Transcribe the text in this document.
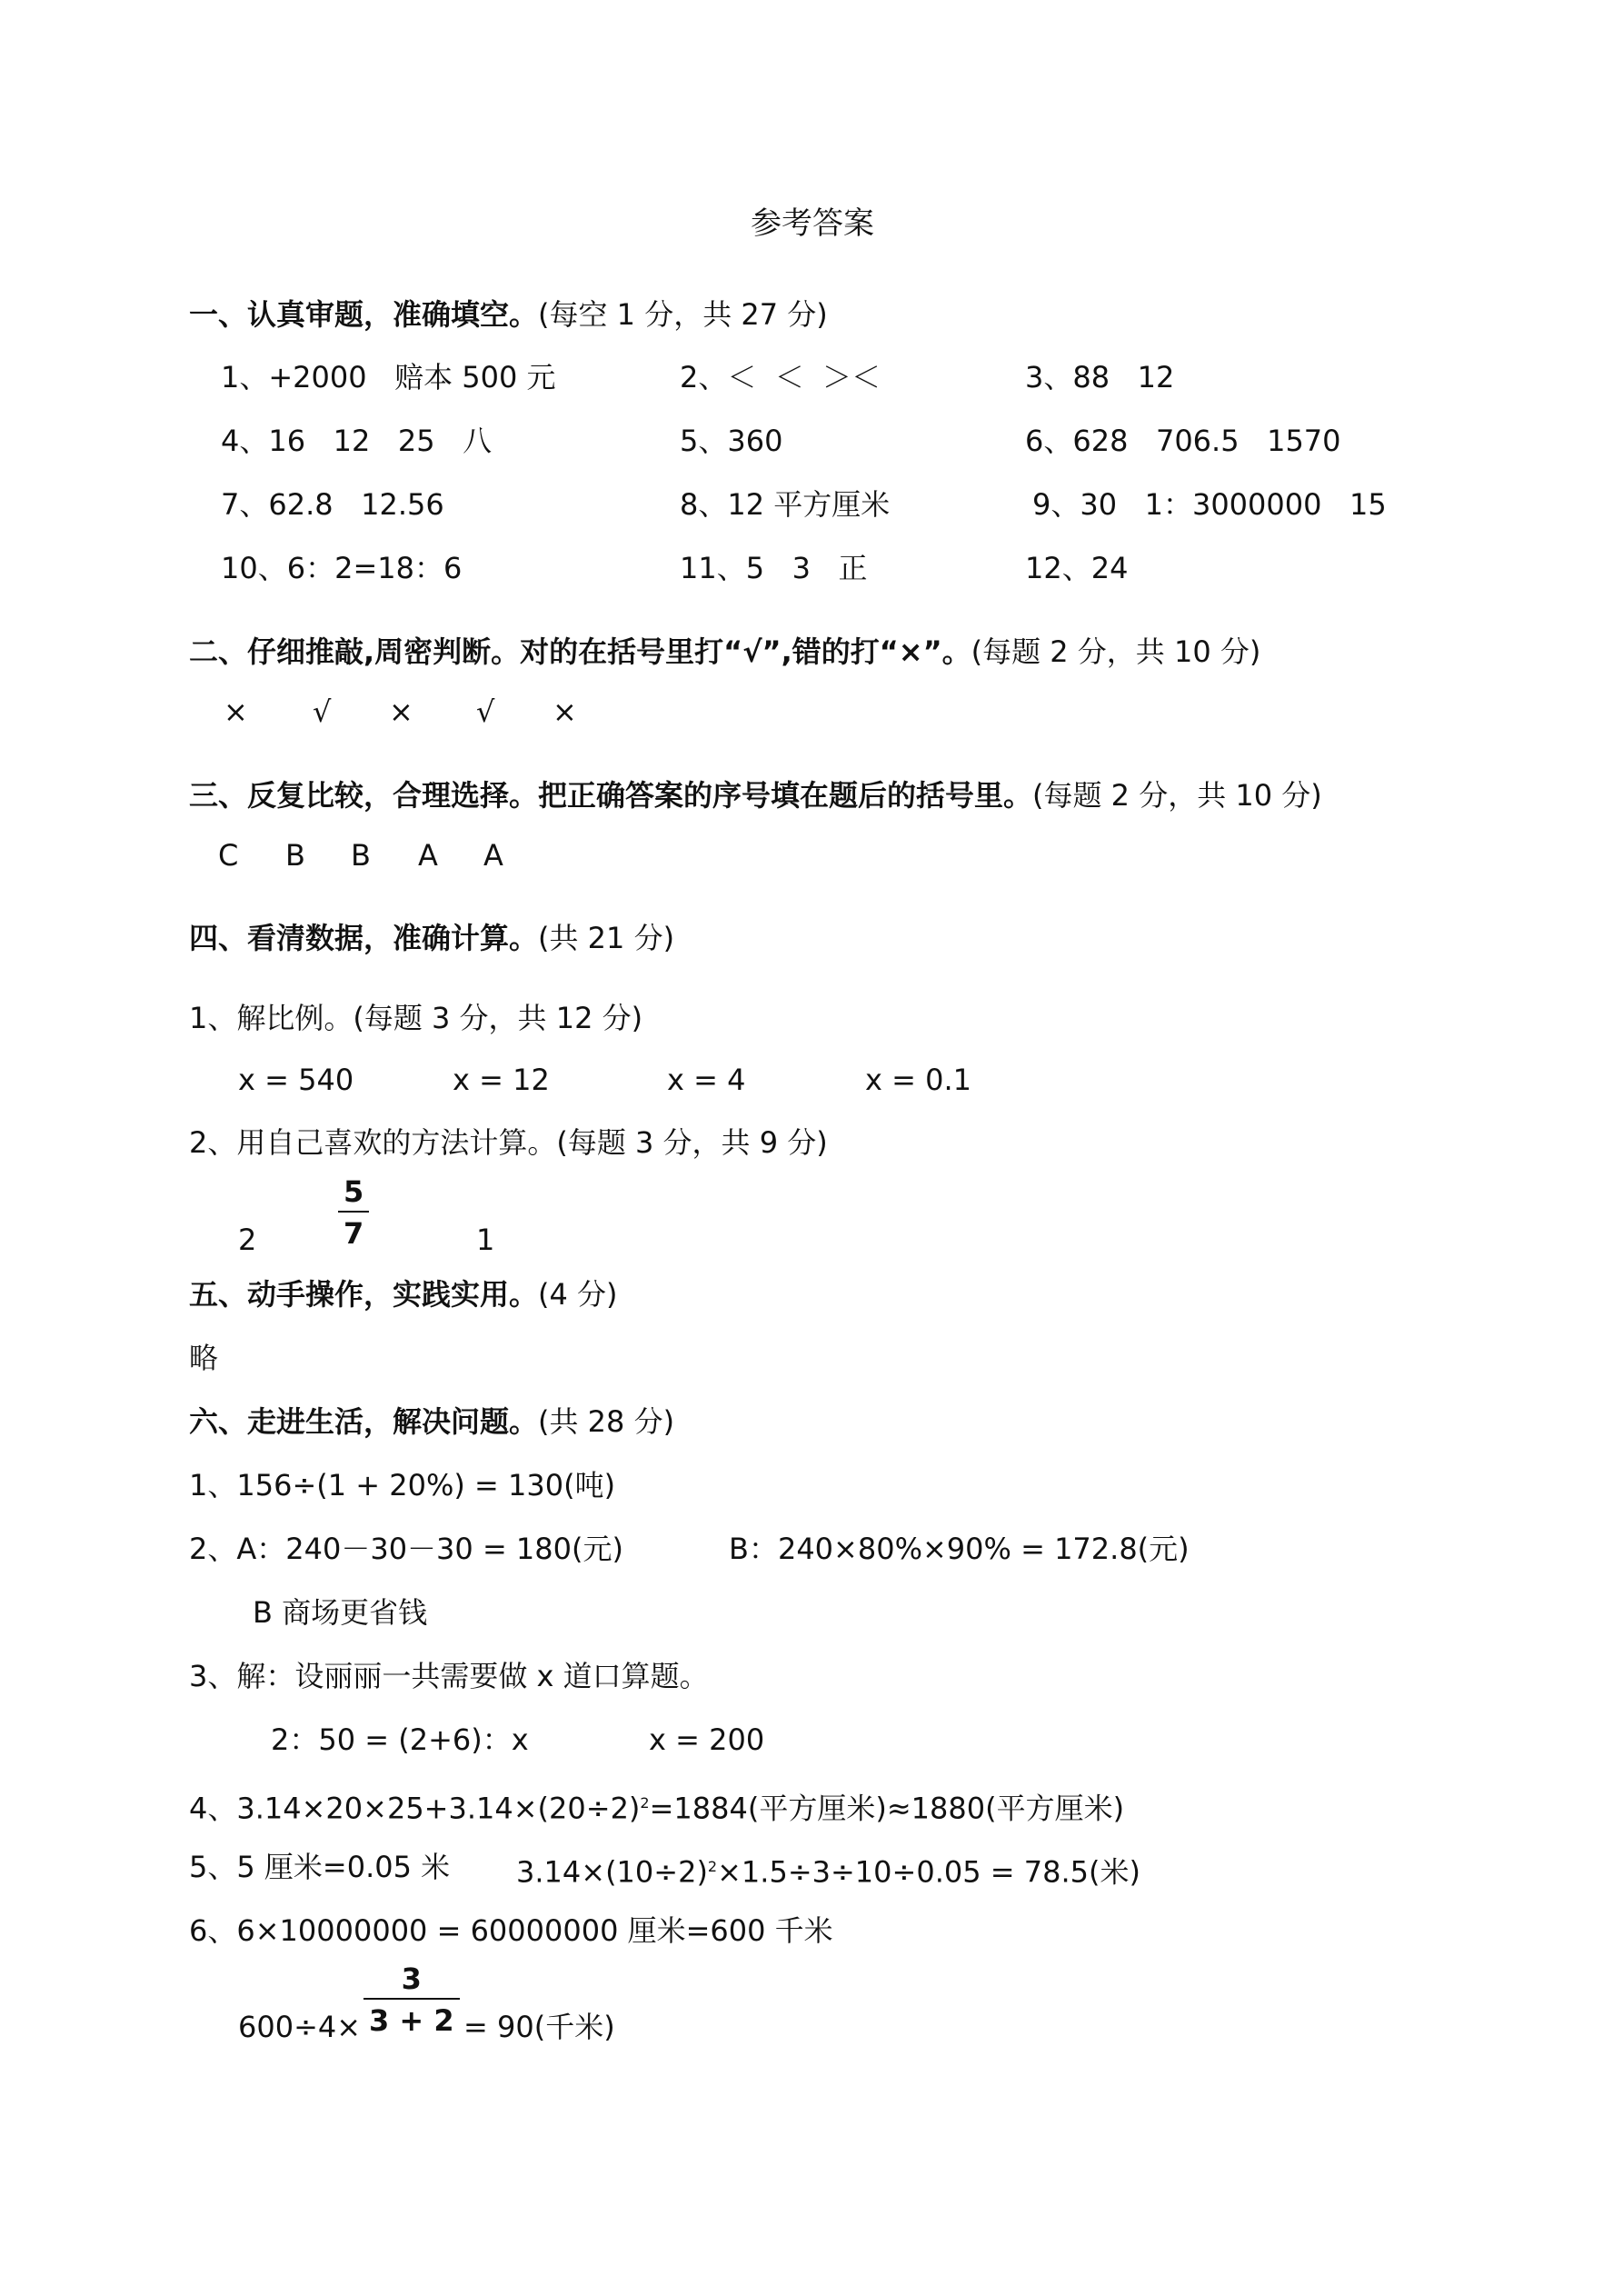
参考答案
一、认真审题，准确填空。(每空 1 分，共 27 分)
1、+2000   赔本 500 元	2、＜  ＜  ＞＜	3、88   12
4、16   12   25   八	5、360	6、628   706.5   1570
7、62.8   12.56	8、12 平方厘米	9、30   1：3000000   15
10、6：2=18：6	11、5   3   正	12、24
二、仔细推敲,周密判断。对的在括号里打“√”,错的打“×”。(每题 2 分，共 10 分)
× √ × √ ×
三、反复比较，合理选择。把正确答案的序号填在题后的括号里。(每题 2 分，共 10 分)
C B B A A
四、看清数据，准确计算。(共 21 分)
1、解比例。(每题 3 分，共 12 分)
x = 540	x = 12	x = 4	x = 0.1
2、用自己喜欢的方法计算。(每题 3 分，共 9 分)
2
5
7	1
五、动手操作，实践实用。(4 分)
略
六、走进生活，解决问题。(共 28 分)
1、156÷(1 + 20%) = 130(吨)
2、A：240－30－30 = 180(元)	B：240×80%×90% = 172.8(元)
B 商场更省钱
3、解：设丽丽一共需要做 x 道口算题。
2：50 = (2+6)：x	x = 200
4、$3.14\times 20\times 25+3.14\times(20\div 2)^2=1884$(平方厘米)≈1880(平方厘米)
5、5 厘米=0.05 米 $3.14\times(10\div 2)^2\times 1.5\div 3\div 10\div 0.05 = 78.5$(米)
6、6×10000000 = 60000000 厘米=600 千米
600÷4×
3
3 + 2 = 90(千米)
